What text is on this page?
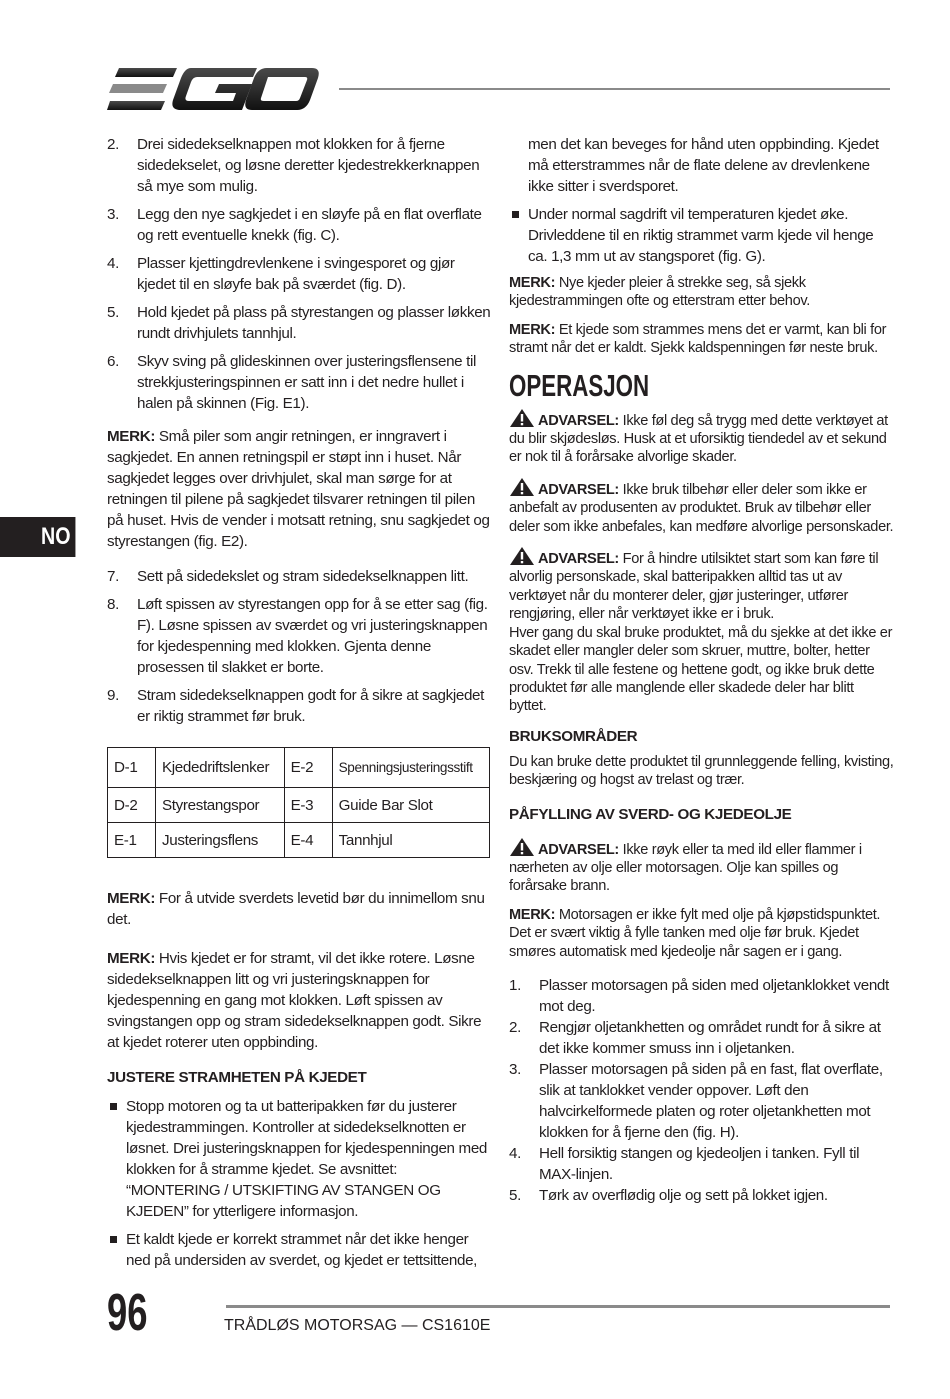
NO
2.	Drei sidedekselknappen mot klokken for å fjerne sidedekselet, og løsne deretter kjedestrekkerknappen så mye som mulig.
3.	Legg den nye sagkjedet i en sløyfe på en flat overflate og rett eventuelle knekk (fig. C).
4.	Plasser kjettingdrevlenkene i svingesporet og gjør kjedet til en sløyfe bak på sværdet (fig. D).
5.	Hold kjedet på plass på styrestangen og plasser løkken rundt drivhjulets tannhjul.
6.	Skyv sving på glideskinnen over justeringsflensene til strekkjusteringspinnen er satt inn i det nedre hullet i halen på skinnen (Fig. E1).

MERK: Små piler som angir retningen, er inngravert i sagkjedet. En annen retningspil er støpt inn i huset. Når sagkjedet legges over drivhjulet, skal man sørge for at retningen til pilene på sagkjedet tilsvarer retningen til pilen på huset. Hvis de vender i motsatt retning, snu sagkjedet og styrestangen (fig. E2).

7.	Sett på sidedekslet og stram sidedekselknappen litt.
8.	Løft spissen av styrestangen opp for å se etter sag (fig. F). Løsne spissen av sværdet og vri justeringsknappen for kjedespenning med klokken. Gjenta denne prosessen til slakket er borte.
9.	Stram sidedekselknappen godt for å sikre at sagkjedet er riktig strammet før bruk.
D-1	Kjededriftslenker	E-2	Spenningsjusteringsstift
D-2	Styrestangspor	E-3	Guide Bar Slot
E-1	Justeringsflens	E-4	Tannhjul

MERK: For å utvide sverdets levetid bør du innimellom snu det.

MERK: Hvis kjedet er for stramt, vil det ikke rotere. Løsne sidedekselknappen litt og vri justeringsknappen for kjedespenning en gang mot klokken. Løft spissen av svingstangen opp og stram sidedekselknappen godt. Sikre at kjedet roterer uten oppbinding.

JUSTERE STRAMHETEN PÅ KJEDET
Stopp motoren og ta ut batteripakken før du justerer kjedestrammingen. Kontroller at sidedekselknotten er løsnet. Drei justeringsknappen for kjedespenningen med klokken for å stramme kjedet. Se avsnittet: “MONTERING / UTSKIFTING AV STANGEN OG KJEDEN” for ytterligere informasjon.
Et kaldt kjede er korrekt strammet når det ikke henger ned på undersiden av sverdet, og kjedet er tettsittende,

men det kan beveges for hånd uten oppbinding. Kjedet må etterstrammes når de flate delene av drevlenkene ikke sitter i sverdsporet.

Under normal sagdrift vil temperaturen kjedet øke. Drivleddene til en riktig strammet varm kjede vil henge ca. 1,3 mm ut av stangsporet (fig. G).

MERK: Nye kjeder pleier å strekke seg, så sjekk kjedestrammingen ofte og etterstram etter behov.

MERK: Et kjede som strammes mens det er varmt, kan bli for stramt når det er kaldt. Sjekk kaldspenningen før neste bruk.

OPERASJON

ADVARSEL: Ikke føl deg så trygg med dette verktøyet at du blir skjødesløs. Husk at et uforsiktig tiendedel av et sekund er nok til å forårsake alvorlige skader.

ADVARSEL: Ikke bruk tilbehør eller deler som ikke er anbefalt av produsenten av produktet. Bruk av tilbehør eller deler som ikke anbefales, kan medføre alvorlige personskader.

ADVARSEL: For å hindre utilsiktet start som kan føre til alvorlig personskade, skal batteripakken alltid tas ut av verktøyet når du monterer deler, gjør justeringer, utfører rengjøring, eller når verktøyet ikke er i bruk.

Hver gang du skal bruke produktet, må du sjekke at det ikke er skadet eller mangler deler som skruer, muttre, bolter, hetter osv. Trekk til alle festene og hettene godt, og ikke bruk dette produktet før alle manglende eller skadede deler har blitt byttet.

BRUKSOMRÅDER

Du kan bruke dette produktet til grunnleggende felling, kvisting, beskjæring og hogst av trelast og trær.

PÅFYLLING AV SVERD- OG KJEDEOLJE

ADVARSEL: Ikke røyk eller ta med ild eller flammer i nærheten av olje eller motorsagen. Olje kan spilles og forårsake brann.

MERK: Motorsagen er ikke fylt med olje på kjøpstidspunktet. Det er svært viktig å fylle tanken med olje før bruk. Kjedet smøres automatisk med kjedeolje når sagen er i gang.

1.	Plasser motorsagen på siden med oljetanklokket vendt mot deg.
2.	Rengjør oljetankhetten og området rundt for å sikre at det ikke kommer smuss inn i oljetanken.
3.	Plasser motorsagen på siden på en fast, flat overflate, slik at tanklokket vender oppover. Løft den halvcirkelformede platen og roter oljetankhetten mot klokken for å fjerne den (fig. H).
4.	Hell forsiktig stangen og kjedeoljen i tanken. Fyll til MAX-linjen.
5.	Tørk av overflødig olje og sett på lokket igjen.
96	TRÅDLØS MOTORSAG — CS1610E
